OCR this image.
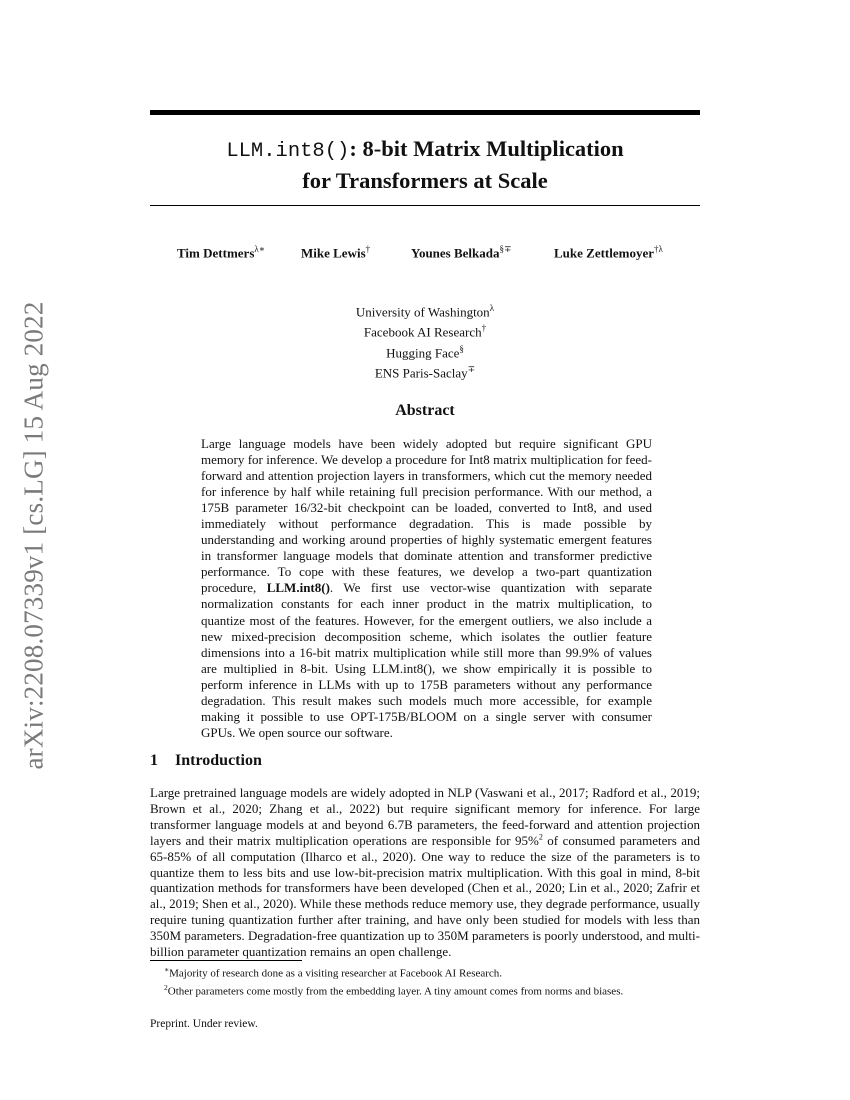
arXiv:2208.07339v1 [cs.LG] 15 Aug 2022
LLM.int8(): 8-bit Matrix Multiplication
for Transformers at Scale
Tim Dettmers$^{\lambda∗}$	Mike Lewis†	Younes Belkada§∓	Luke Zettlemoyer$^{\dagger\lambda}$
University of Washington$^\lambda$
Facebook AI Research†
Hugging Face§
ENS Paris-Saclay∓
Abstract

Large language models have been widely adopted but require significant GPU memory for inference. We develop a procedure for Int8 matrix multiplication for feed-forward and attention projection layers in transformers, which cut the memory needed for inference by half while retaining full precision performance. With our method, a 175B parameter 16/32-bit checkpoint can be loaded, converted to Int8, and used immediately without performance degradation. This is made possible by understanding and working around properties of highly systematic emergent features in transformer language models that dominate attention and transformer predictive performance. To cope with these features, we develop a two-part quantization procedure, LLM.int8(). We first use vector-wise quantization with separate normalization constants for each inner product in the matrix multiplication, to quantize most of the features. However, for the emergent outliers, we also include a new mixed-precision decomposition scheme, which isolates the outlier feature dimensions into a 16-bit matrix multiplication while still more than 99.9% of values are multiplied in 8-bit. Using LLM.int8(), we show empirically it is possible to perform inference in LLMs with up to 175B parameters without any performance degradation. This result makes such models much more accessible, for example making it possible to use OPT-175B/BLOOM on a single server with consumer GPUs. We open source our software.

1 Introduction

Large pretrained language models are widely adopted in NLP (Vaswani et al., 2017; Radford et al., 2019; Brown et al., 2020; Zhang et al., 2022) but require significant memory for inference. For large transformer language models at and beyond 6.7B parameters, the feed-forward and attention projection layers and their matrix multiplication operations are responsible for 95%$^2$ of consumed parameters and 65-85% of all computation (Ilharco et al., 2020). One way to reduce the size of the parameters is to quantize them to less bits and use low-bit-precision matrix multiplication. With this goal in mind, 8-bit quantization methods for transformers have been developed (Chen et al., 2020; Lin et al., 2020; Zafrir et al., 2019; Shen et al., 2020). While these methods reduce memory use, they degrade performance, usually require tuning quantization further after training, and have only been studied for models with less than 350M parameters. Degradation-free quantization up to 350M parameters is poorly understood, and multi-billion parameter quantization remains an open challenge.

∗Majority of research done as a visiting researcher at Facebook AI Research.
$^2$Other parameters come mostly from the embedding layer. A tiny amount comes from norms and biases.
Preprint. Under review.
